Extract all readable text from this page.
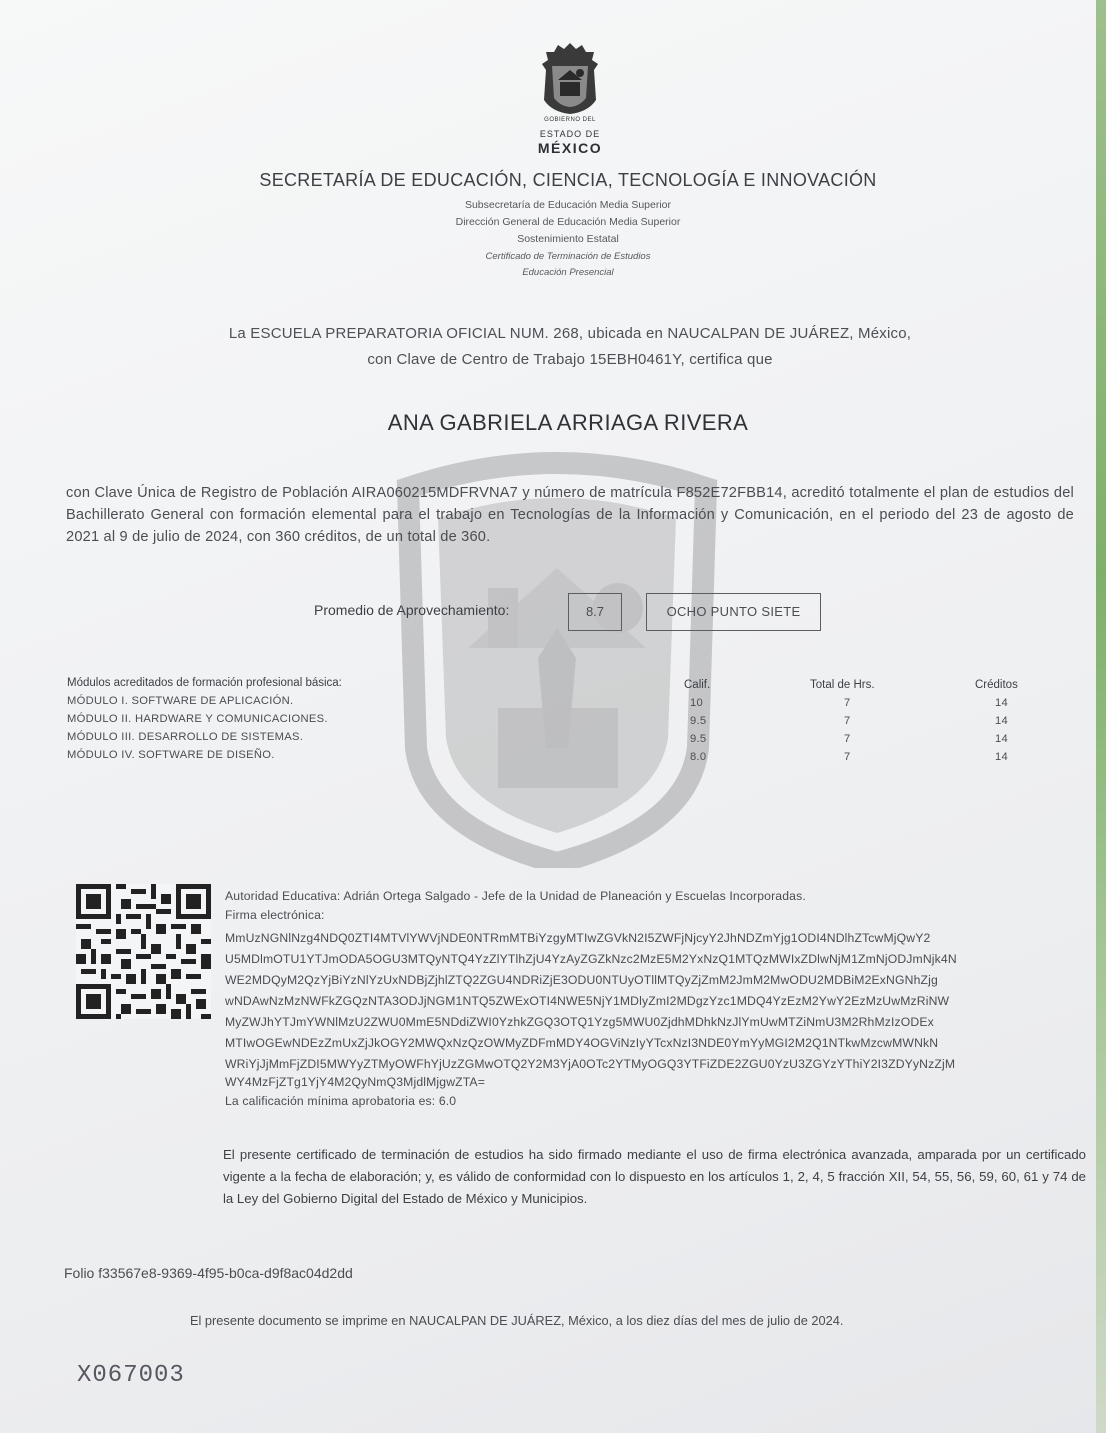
GOBIERNO DEL
ESTADO DE
MÉXICO
SECRETARÍA DE EDUCACIÓN, CIENCIA, TECNOLOGÍA E INNOVACIÓN
Subsecretaría de Educación Media Superior
Dirección General de Educación Media Superior
Sostenimiento Estatal
Certificado de Terminación de Estudios
Educación Presencial
La ESCUELA PREPARATORIA OFICIAL NUM. 268, ubicada en NAUCALPAN DE JUÁREZ, México,
con Clave de Centro de Trabajo 15EBH0461Y, certifica que
ANA GABRIELA ARRIAGA RIVERA
con Clave Única de Registro de Población AIRA060215MDFRVNA7 y número de matrícula F852E72FBB14, acreditó totalmente el plan de estudios del Bachillerato General con formación elemental para el trabajo en Tecnologías de la Información y Comunicación, en el periodo del 23 de agosto de 2021 al 9 de julio de 2024, con 360 créditos, de un total de 360.
Promedio de Aprovechamiento:	8.7	OCHO PUNTO SIETE
Módulos acreditados de formación profesional básica:	Calif.	Total de Hrs.	Créditos
MÓDULO I. SOFTWARE DE APLICACIÓN.	10	7	14
MÓDULO II. HARDWARE Y COMUNICACIONES.	9.5	7	14
MÓDULO III. DESARROLLO DE SISTEMAS.	9.5	7	14
MÓDULO IV. SOFTWARE DE DISEÑO.	8.0	7	14
Autoridad Educativa: Adrián Ortega Salgado - Jefe de la Unidad de Planeación y Escuelas Incorporadas.
Firma electrónica:
MmUzNGNlNzg4NDQ0ZTI4MTVlYWVjNDE0NTRmMTBiYzgyMTIwZGVkN2I5ZWFjNjcyY2JhNDZmYjg1ODI4NDlhZTcwMjQwY2
U5MDlmOTU1YTJmODA5OGU3MTQyNTQ4YzZlYTlhZjU4YzAyZGZkNzc2MzE5M2YxNzQ1MTQzMWIxZDlwNjM1ZmNjODJmNjk4N
WE2MDQyM2QzYjBiYzNlYzUxNDBjZjhlZTQ2ZGU4NDRiZjE3ODU0NTUyOTllMTQyZjZmM2JmM2MwODU2MDBiM2ExNGNhZjg
wNDAwNzMzNWFkZGQzNTA3ODJjNGM1NTQ5ZWExOTI4NWE5NjY1MDlyZmI2MDgzYzc1MDQ4YzEzM2YwY2EzMzUwMzRiNW
MyZWJhYTJmYWNlMzU2ZWU0MmE5NDdiZWI0YzhkZGQ3OTQ1Yzg5MWU0ZjdhMDhkNzJlYmUwMTZiNmU3M2RhMzIzODEx
MTIwOGEwNDEzZmUxZjJkOGY2MWQxNzQzOWMyZDFmMDY4OGViNzIyYTcxNzI3NDE0YmYyMGI2M2Q1NTkwMzcwMWNkN
WRiYjJjMmFjZDI5MWYyZTMyOWFhYjUzZGMwOTQ2Y2M3YjA0OTc2YTMyOGQ3YTFiZDE2ZGU0YzU3ZGYzYThiY2I3ZDYyNzZjM
WY4MzFjZTg1YjY4M2QyNmQ3MjdlMjgwZTA=
La calificación mínima aprobatoria es: 6.0
El presente certificado de terminación de estudios ha sido firmado mediante el uso de firma electrónica avanzada, amparada por un certificado vigente a la fecha de elaboración; y, es válido de conformidad con lo dispuesto en los artículos 1, 2, 4, 5 fracción XII, 54, 55, 56, 59, 60, 61 y 74 de la Ley del Gobierno Digital del Estado de México y Municipios.
Folio f33567e8-9369-4f95-b0ca-d9f8ac04d2dd
El presente documento se imprime en NAUCALPAN DE JUÁREZ, México, a los diez días del mes de julio de 2024.
X067003
